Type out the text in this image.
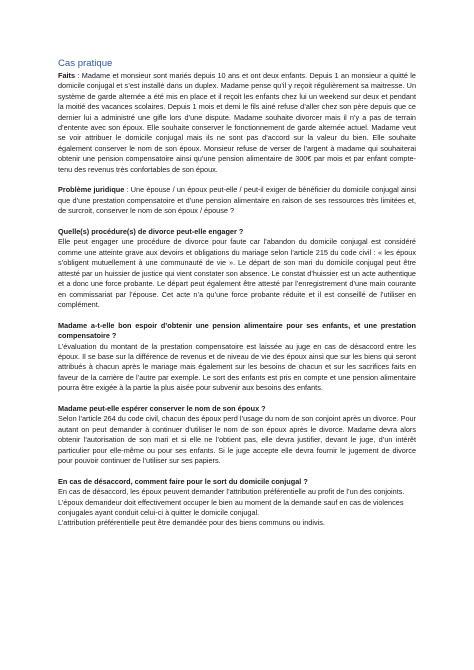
Cas pratique

Faits : Madame et monsieur sont mariés depuis 10 ans et ont deux enfants. Depuis 1 an monsieur a quitté le domicile conjugal et s’est installé dans un duplex. Madame pense qu’il y reçoit régulièrement sa maitresse. Un système de garde alternée a été mis en place et il reçoit les enfants chez lui un weekend sur deux et pendant la moitié des vacances scolaires. Depuis 1 mois et demi le fils ainé refuse d’aller chez son père depuis que ce dernier lui a administré une gifle lors d’une dispute. Madame souhaite divorcer mais il n’y a pas de terrain d’entente avec son époux. Elle souhaite conserver le fonctionnement de garde alternée actuel. Madame veut se voir attribuer le domicile conjugal mais ils ne sont pas d’accord sur la valeur du bien. Elle souhaite également conserver le nom de son époux. Monsieur refuse de verser de l’argent à madame qui souhaiterai obtenir une pension compensatoire ainsi qu’une pension alimentaire de 300€ par mois et par enfant compte-tenu des revenus très confortables de son époux.

Problème juridique : Une épouse / un époux peut-elle / peut-il exiger de bénéficier du domicile conjugal ainsi que d’une prestation compensatoire et d’une pension alimentaire en raison de ses ressources très limitées et, de surcroit, conserver le nom de son époux / épouse ?

Quelle(s) procédure(s) de divorce peut-elle engager ?

Elle peut engager une procédure de divorce pour faute car l’abandon du domicile conjugal est considéré comme une atteinte grave aux devoirs et obligations du mariage selon l’article 215 du code civil : « les époux s’obligent mutuellement à une communauté de vie ». Le départ de son mari du domicile conjugal peut être attesté par un huissier de justice qui vient constater son absence. Le constat d’huissier est un acte authentique et a donc une force probante. Le départ peut également être attesté par l’enregistrement d’une main courante en commissariat par l’épouse. Cet acte n’a qu’une force probante réduite et il est conseillé de l’utiliser en complément.

Madame a-t-elle bon espoir d’obtenir une pension alimentaire pour ses enfants, et une prestation compensatoire ?

L’évaluation du montant de la prestation compensatoire est laissée au juge en cas de désaccord entre les époux. Il se base sur la différence de revenus et de niveau de vie des époux ainsi que sur les biens qui seront attribués à chacun après le mariage mais également sur les besoins de chacun et sur les sacrifices faits en faveur de la carrière de l’autre par exemple. Le sort des enfants est pris en compte et une pension alimentaire pourra être exigée à la partie la plus aisée pour subvenir aux besoins des enfants.

Madame peut-elle espérer conserver le nom de son époux ?

Selon l’article 264 du code civil, chacun des époux perd l’usage du nom de son conjoint après un divorce. Pour autant on peut demander à continuer d’utiliser le nom de son époux après le divorce. Madame devra alors obtenir l’autorisation de son mari et si elle ne l’obtient pas, elle devra justifier, devant le juge, d’un intérêt particulier pour elle-même ou pour ses enfants. Si le juge accepte elle devra fournir le jugement de divorce pour pouvoir continuer de l’utiliser sur ses papiers.

En cas de désaccord, comment faire pour le sort du domicile conjugal ?

En cas de désaccord, les époux peuvent demander l’attribution préférentielle au profit de l’un des conjoints. L’époux demandeur doit effectivement occuper le bien au moment de la demande sauf en cas de violences conjugales ayant conduit celui-ci à quitter le domicile conjugal.

L’attribution préférentielle peut être demandée pour des biens communs ou indivis.
